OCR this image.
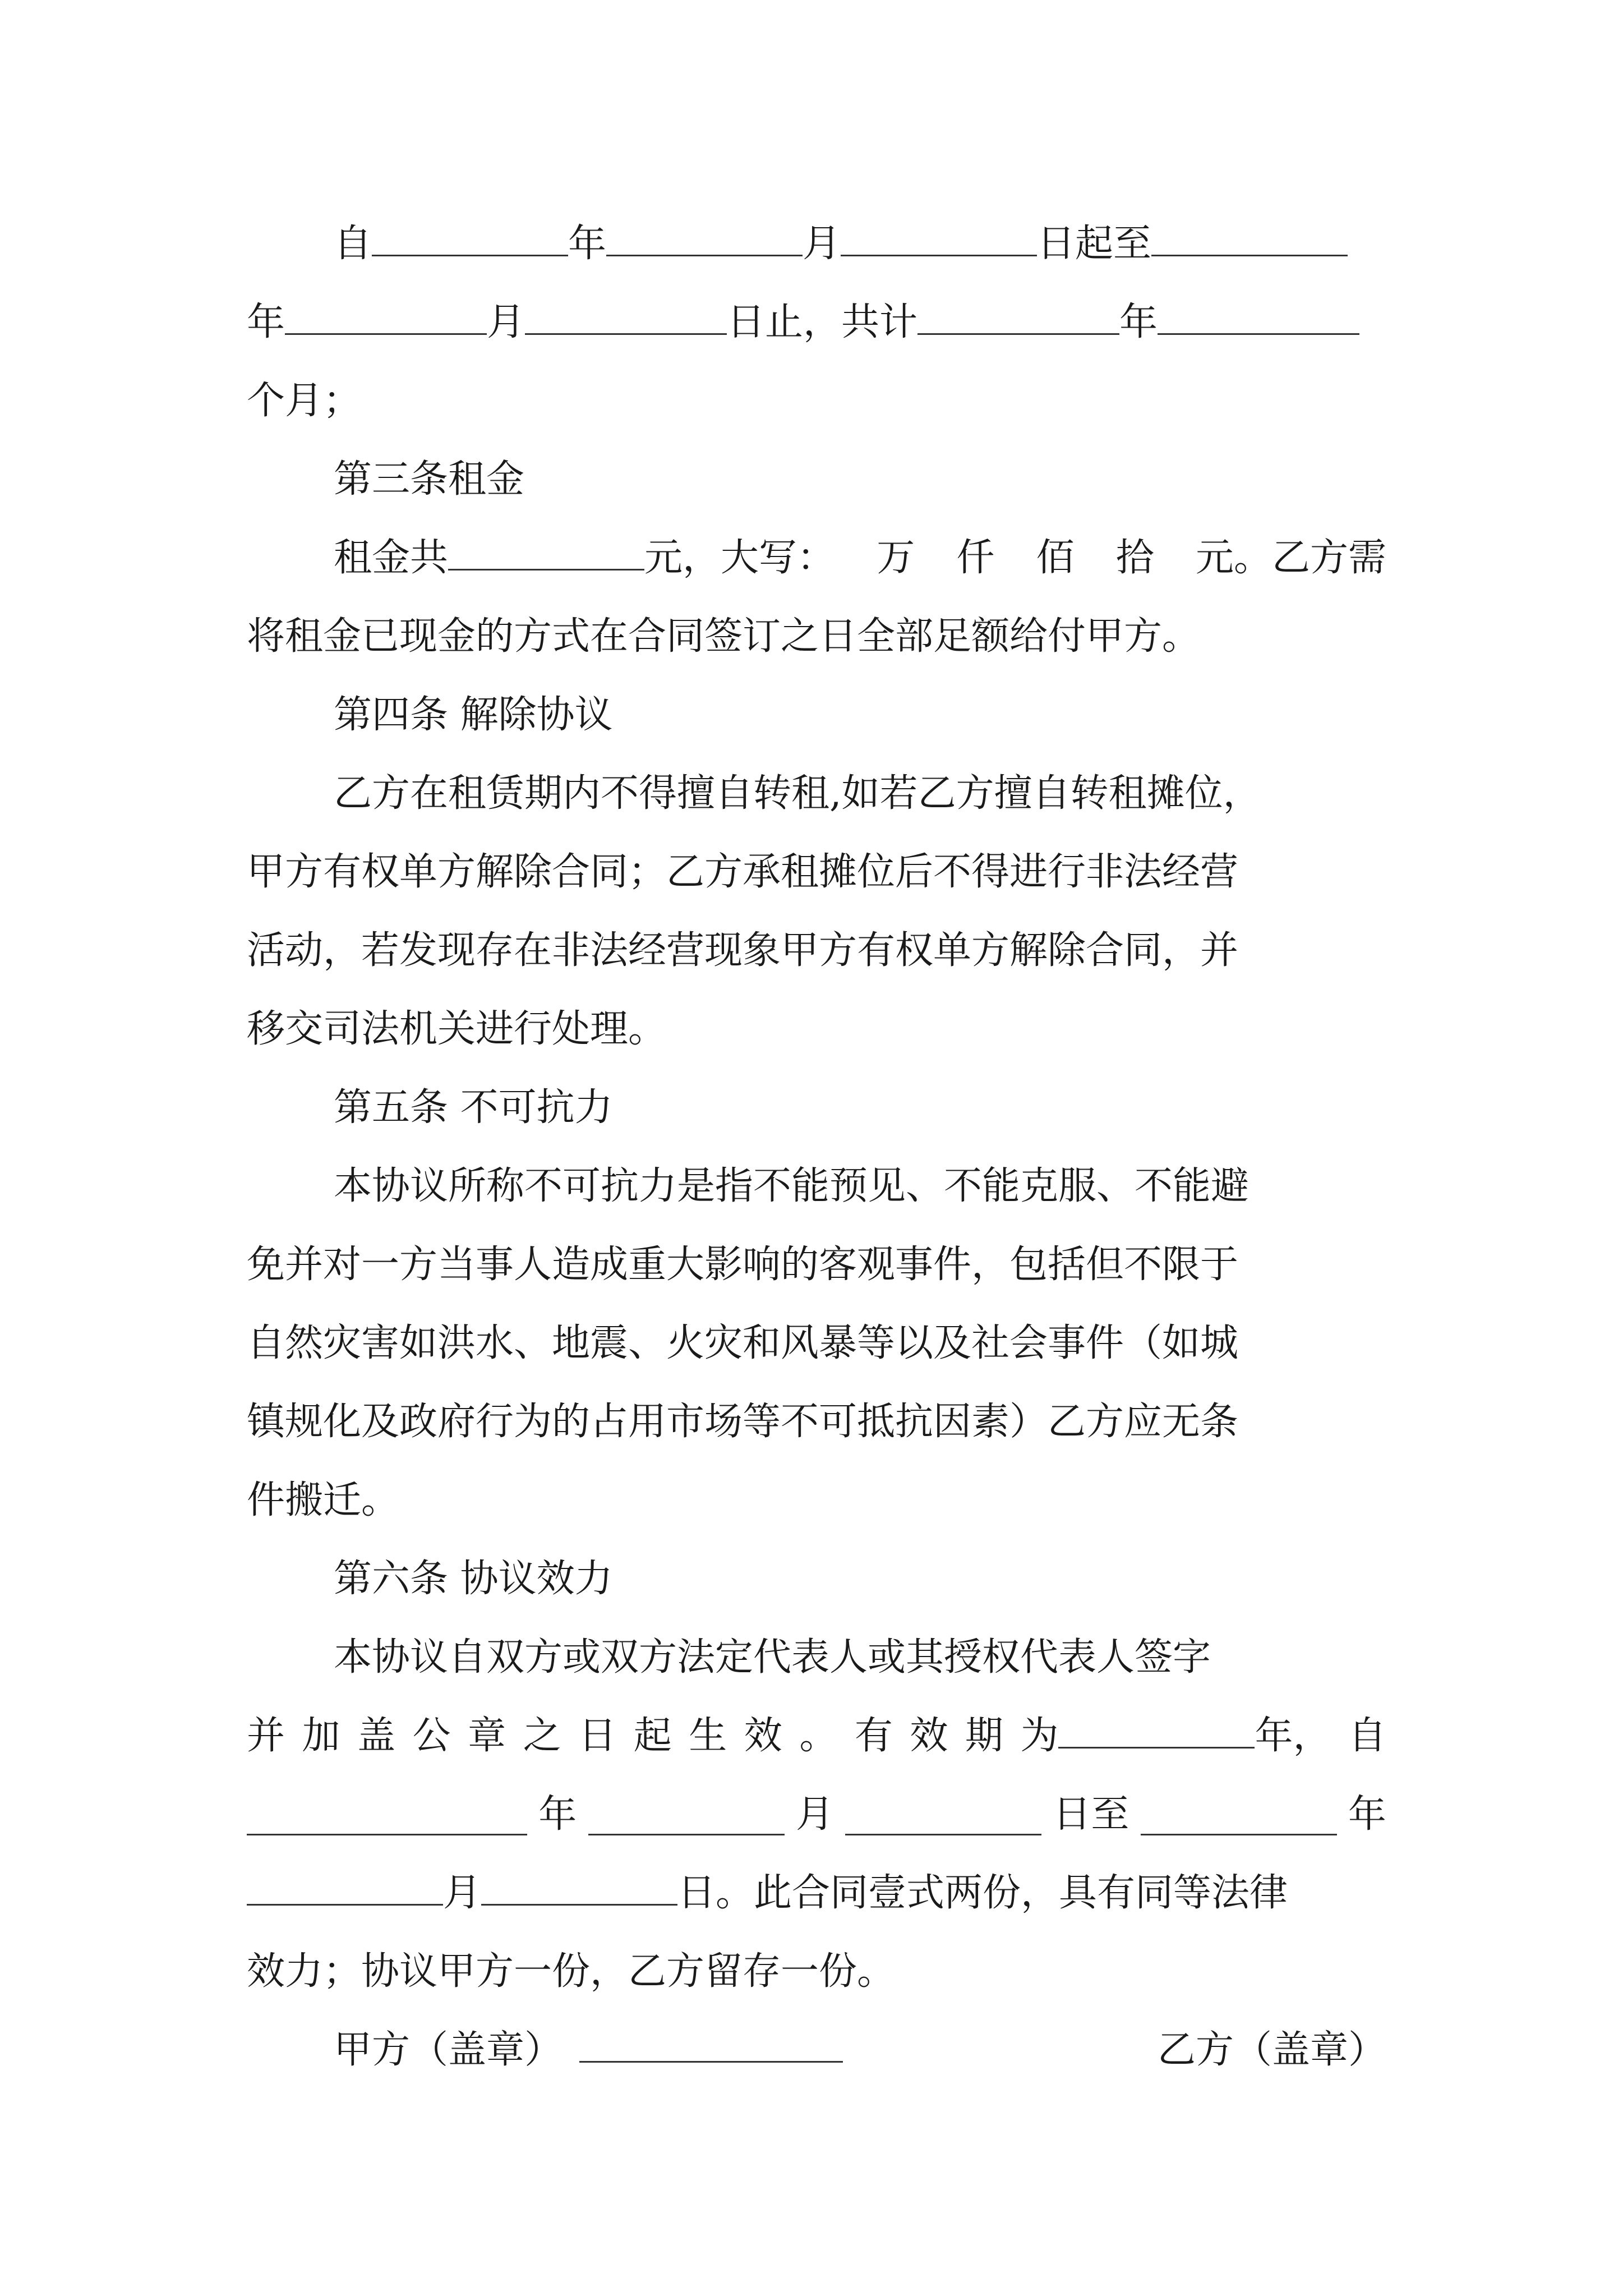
自	年	月	日起至
年	月	日止，共计	年
个月；
第三条租金
租金共	元，大写： 万 仟 佰 拾 元。乙方需
将租金已现金的方式在合同签订之日全部足额给付甲方。
第四条 解除协议
乙方在租赁期内不得擅自转租,如若乙方擅自转租摊位，
甲方有权单方解除合同；乙方承租摊位后不得进行非法经营
活动，若发现存在非法经营现象甲方有权单方解除合同，并
移交司法机关进行处理。
第五条 不可抗力
本协议所称不可抗力是指不能预见、不能克服、不能避
免并对一方当事人造成重大影响的客观事件，包括但不限于
自然灾害如洪水、地震、火灾和风暴等以及社会事件（如城
镇规化及政府行为的占用市场等不可抵抗因素）乙方应无条
件搬迁。
第六条 协议效力
本协议自双方或双方法定代表人或其授权代表人签字
并 加 盖 公 章 之 日 起 生 效 。 有 效 期 为	年， 自
年	月	日至	年
月	日。此合同壹式两份，具有同等法律
效力；协议甲方一份，乙方留存一份。
甲方（盖章）	乙方（盖章）
